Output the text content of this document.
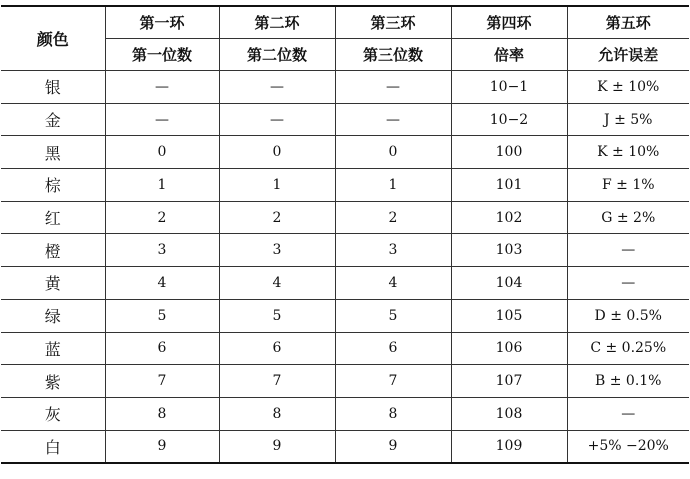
颜色	第一环	第二环	第三环	第四环	第五环
	第一位数	第二位数	第三位数	倍率	允许误差
银	—	—	—	10−1	K ± 10%
金	—	—	—	10−2	J ± 5%
黑	0	0	0	100	K ± 10%
棕	1	1	1	101	F ± 1%
红	2	2	2	102	G ± 2%
橙	3	3	3	103	—
黄	4	4	4	104	—
绿	5	5	5	105	D ± 0.5%
蓝	6	6	6	106	C ± 0.25%
紫	7	7	7	107	B ± 0.1%
灰	8	8	8	108	—
白	9	9	9	109	+5% −20%
